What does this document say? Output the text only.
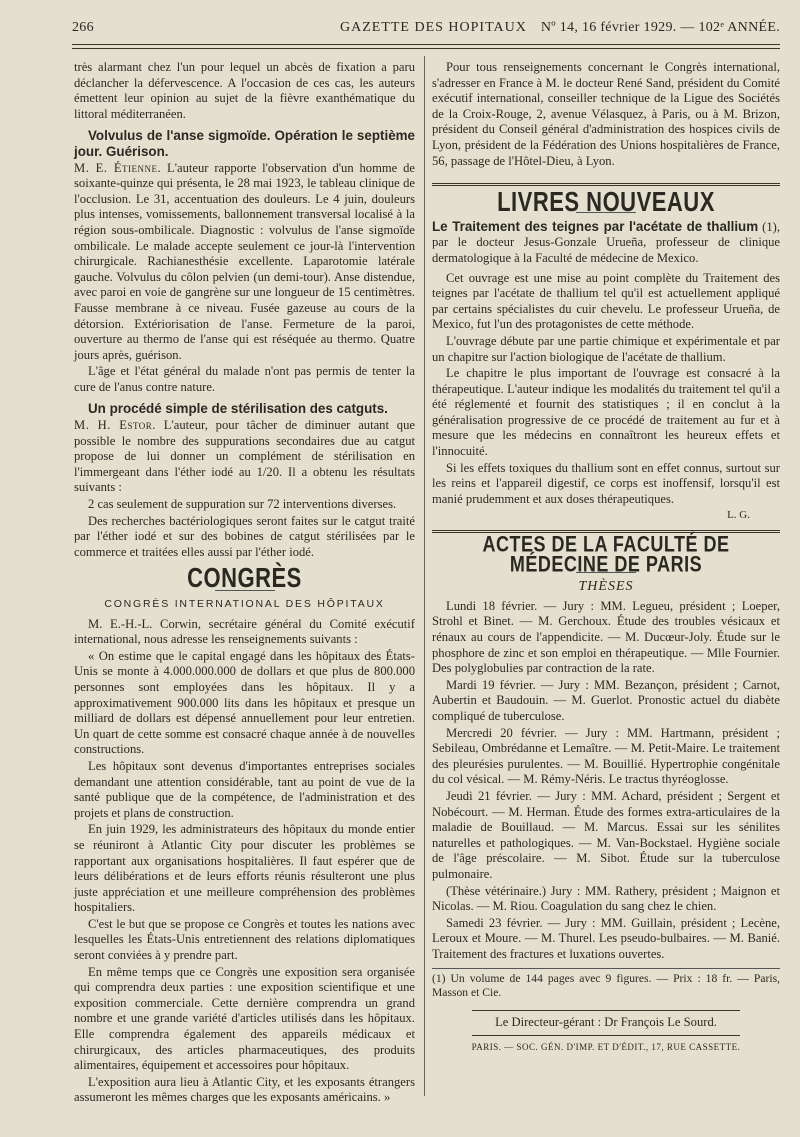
266	GAZETTE DES HOPITAUX Nº 14, 16 février 1929. — 102ᵉ ANNÉE.

très alarmant chez l'un pour lequel un abcès de fixation a paru déclancher la défervescence. A l'occasion de ces cas, les auteurs émettent leur opinion au sujet de la fièvre exanthématique du littoral méditerranéen.

Volvulus de l'anse sigmoïde. Opération le septième jour. Guérison.

M. E. Étienne. L'auteur rapporte l'observation d'un homme de soixante-quinze qui présenta, le 28 mai 1923, le tableau clinique de l'occlusion. Le 31, accentuation des douleurs. Le 4 juin, douleurs plus intenses, vomissements, ballonnement transversal localisé à la région sous-ombilicale. Diagnostic : volvulus de l'anse sigmoïde ombilicale. Le malade accepte seulement ce jour-là l'intervention chirurgicale. Rachianesthésie excellente. Laparotomie latérale gauche. Volvulus du côlon pelvien (un demi-tour). Anse distendue, avec paroi en voie de gangrène sur une longueur de 15 centimètres. Fausse membrane à ce niveau. Fusée gazeuse au cours de la détorsion. Extériorisation de l'anse. Fermeture de la paroi, ouverture au thermo de l'anse qui est réséquée au thermo. Quatre jours après, guérison.

L'âge et l'état général du malade n'ont pas permis de tenter la cure de l'anus contre nature.

Un procédé simple de stérilisation des catguts.

M. H. Estor. L'auteur, pour tâcher de diminuer autant que possible le nombre des suppurations secondaires due au catgut propose de lui donner un complément de stérilisation en l'immergeant dans l'éther iodé au 1/20. Il a obtenu les résultats suivants :

2 cas seulement de suppuration sur 72 interventions diverses.

Des recherches bactériologiques seront faites sur le catgut traité par l'éther iodé et sur des bobines de catgut stérilisées par le commerce et traitées elles aussi par l'éther iodé.

CONGRÈS
CONGRÈS INTERNATIONAL DES HÔPITAUX

M. E.-H.-L. Corwin, secrétaire général du Comité exécutif international, nous adresse les renseignements suivants :

« On estime que le capital engagé dans les hôpitaux des États-Unis se monte à 4.000.000.000 de dollars et que plus de 800.000 personnes sont employées dans les hôpitaux. Il y a approximativement 900.000 lits dans les hôpitaux et presque un milliard de dollars est dépensé annuellement pour leur entretien. Un quart de cette somme est consacré chaque année à de nouvelles constructions.

Les hôpitaux sont devenus d'importantes entreprises sociales demandant une attention considérable, tant au point de vue de la santé publique que de la compétence, de l'administration et des projets et plans de construction.

En juin 1929, les administrateurs des hôpitaux du monde entier se réuniront à Atlantic City pour discuter les problèmes se rapportant aux organisations hospitalières. Il faut espérer que de leurs délibérations et de leurs efforts réunis résulteront une plus juste appréciation et une meilleure compréhension des problèmes hospitaliers.

C'est le but que se propose ce Congrès et toutes les nations avec lesquelles les États-Unis entretiennent des relations diplomatiques seront conviées à y prendre part.

En même temps que ce Congrès une exposition sera organisée qui comprendra deux parties : une exposition scientifique et une exposition commerciale. Cette dernière comprendra un grand nombre et une grande variété d'articles utilisés dans les hôpitaux. Elle comprendra également des appareils médicaux et chirurgicaux, des articles pharmaceutiques, des produits alimentaires, équipement et accessoires pour hôpitaux.

L'exposition aura lieu à Atlantic City, et les exposants étrangers assumeront les mêmes charges que les exposants américains. »

Pour tous renseignements concernant le Congrès international, s'adresser en France à M. le docteur René Sand, président du Comité exécutif international, conseiller technique de la Ligue des Sociétés de la Croix-Rouge, 2, avenue Vélasquez, à Paris, ou à M. Brizon, président du Conseil général d'administration des hospices civils de Lyon, président de la Fédération des Unions hospitalières de France, 56, passage de l'Hôtel-Dieu, à Lyon.

LIVRES NOUVEAUX

Le Traitement des teignes par l'acétate de thallium (1), par le docteur Jesus-Gonzale Urueña, professeur de clinique dermatologique à la Faculté de médecine de Mexico.

Cet ouvrage est une mise au point complète du Traitement des teignes par l'acétate de thallium tel qu'il est actuellement appliqué par certains spécialistes du cuir chevelu. Le professeur Urueña, de Mexico, fut l'un des protagonistes de cette méthode.

L'ouvrage débute par une partie chimique et expérimentale et par un chapitre sur l'action biologique de l'acétate de thallium.

Le chapitre le plus important de l'ouvrage est consacré à la thérapeutique. L'auteur indique les modalités du traitement tel qu'il a été réglementé et fournit des statistiques ; il en conclut à la généralisation progressive de ce procédé de traitement au fur et à mesure que les médecins en connaîtront les heureux effets et l'innocuité.

Si les effets toxiques du thallium sont en effet connus, surtout sur les reins et l'appareil digestif, ce corps est inoffensif, lorsqu'il est manié prudemment et aux doses thérapeutiques.

L. G.
ACTES DE LA FACULTÉ DE MÉDECINE DE PARIS
THÈSES

Lundi 18 février. — Jury : MM. Legueu, président ; Loeper, Strohl et Binet. — M. Gerchoux. Étude des troubles vésicaux et rénaux au cours de l'appendicite. — M. Ducœur-Joly. Étude sur le phosphore de zinc et son emploi en thérapeutique. — Mlle Fournier. Des polyglobulies par contraction de la rate.

Mardi 19 février. — Jury : MM. Bezançon, président ; Carnot, Aubertin et Baudouin. — M. Guerlot. Pronostic actuel du diabète compliqué de tuberculose.

Mercredi 20 février. — Jury : MM. Hartmann, président ; Sebileau, Ombrédanne et Lemaître. — M. Petit-Maire. Le traitement des pleurésies purulentes. — M. Bouillié. Hypertrophie congénitale du col vésical. — M. Rémy-Néris. Le tractus thyréoglosse.

Jeudi 21 février. — Jury : MM. Achard, président ; Sergent et Nobécourt. — M. Herman. Étude des formes extra-articulaires de la maladie de Bouillaud. — M. Marcus. Essai sur les sénilites naturelles et pathologiques. — M. Van-Bockstael. Hygiène sociale de l'âge préscolaire. — M. Sibot. Étude sur la tuberculose pulmonaire.

(Thèse vétérinaire.) Jury : MM. Rathery, président ; Maignon et Nicolas. — M. Riou. Coagulation du sang chez le chien.

Samedi 23 février. — Jury : MM. Guillain, président ; Lecène, Leroux et Moure. — M. Thurel. Les pseudo-bulbaires. — M. Banié. Traitement des fractures et luxations ouvertes.

(1) Un volume de 144 pages avec 9 figures. — Prix : 18 fr. — Paris, Masson et Cie.
Le Directeur-gérant : Dr François Le Sourd.
PARIS. — SOC. GÉN. D'IMP. ET D'ÉDIT., 17, RUE CASSETTE.
